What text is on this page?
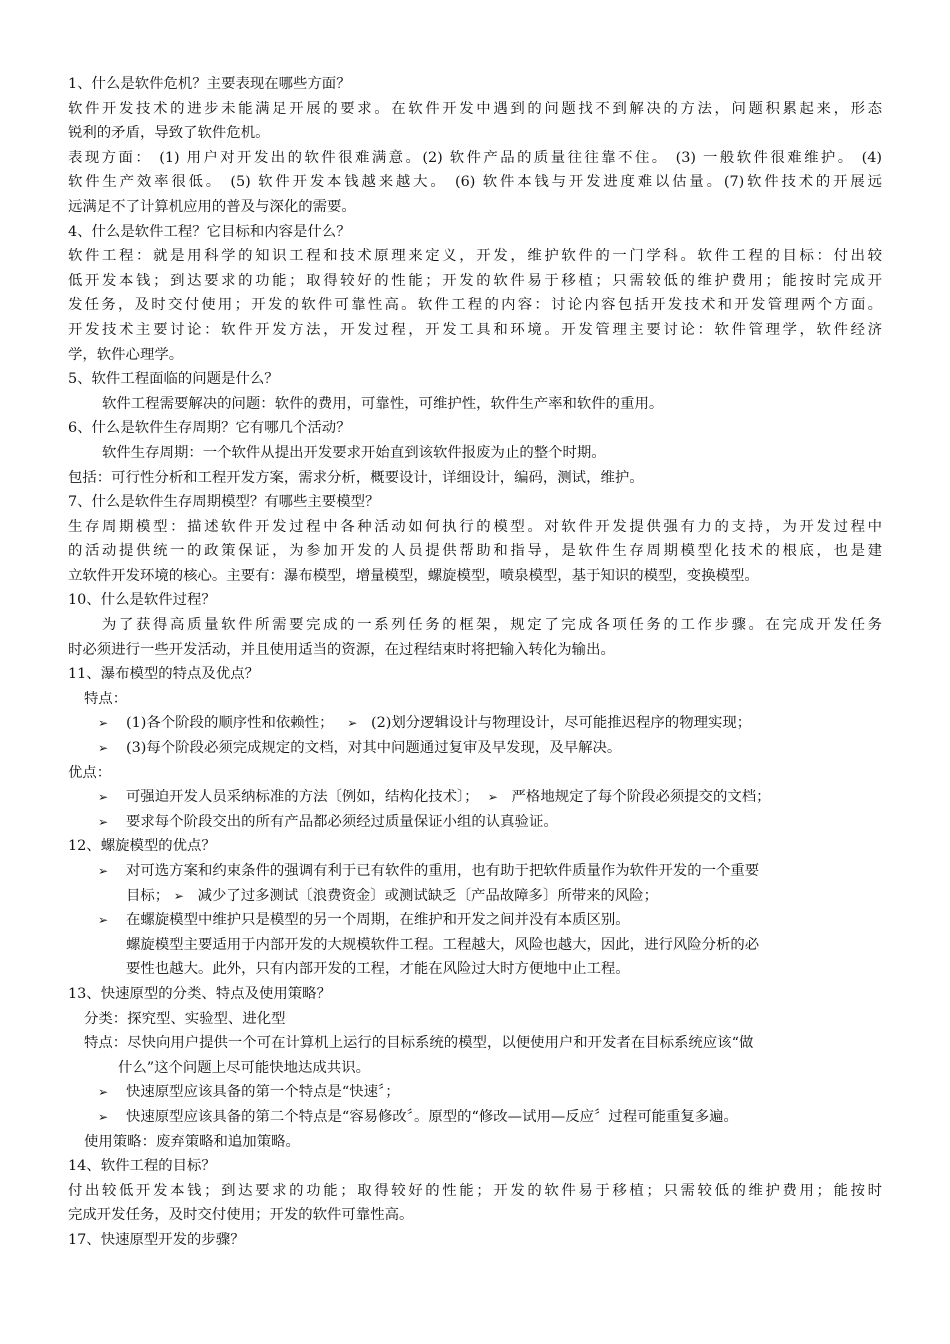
1、什么是软件危机？主要表现在哪些方面？
软件开发技术的进步未能满足开展的要求。在软件开发中遇到的问题找不到解决的方法，问题积累起来，形态
锐利的矛盾，导致了软件危机。
表现方面： (1) 用户对开发出的软件很难满意。(2) 软件产品的质量往往靠不住。 (3) 一般软件很难维护。 (4)
软件生产效率很低。 (5) 软件开发本钱越来越大。 (6) 软件本钱与开发进度难以估量。(7)软件技术的开展远
远满足不了计算机应用的普及与深化的需要。
4、什么是软件工程？它目标和内容是什么？
软件工程：就是用科学的知识工程和技术原理来定义，开发，维护软件的一门学科。软件工程的目标：付出较
低开发本钱；到达要求的功能；取得较好的性能；开发的软件易于移植；只需较低的维护费用；能按时完成开
发任务，及时交付使用；开发的软件可靠性高。软件工程的内容：讨论内容包括开发技术和开发管理两个方面。
开发技术主要讨论：软件开发方法，开发过程，开发工具和环境。开发管理主要讨论：软件管理学，软件经济
学，软件心理学。
5、软件工程面临的问题是什么？
软件工程需要解决的问题：软件的费用，可靠性，可维护性，软件生产率和软件的重用。
6、什么是软件生存周期？它有哪几个活动？
软件生存周期：一个软件从提出开发要求开始直到该软件报废为止的整个时期。
包括：可行性分析和工程开发方案，需求分析，概要设计，详细设计，编码，测试，维护。
7、什么是软件生存周期模型？有哪些主要模型？
生存周期模型：描述软件开发过程中各种活动如何执行的模型。对软件开发提供强有力的支持，为开发过程中
的活动提供统一的政策保证，为参加开发的人员提供帮助和指导，是软件生存周期模型化技术的根底，也是建
立软件开发环境的核心。主要有：瀑布模型，增量模型，螺旋模型，喷泉模型，基于知识的模型，变换模型。
10、什么是软件过程？
为了获得高质量软件所需要完成的一系列任务的框架，规定了完成各项任务的工作步骤。在完成开发任务
时必须进行一些开发活动，并且使用适当的资源，在过程结束时将把输入转化为输出。
11、瀑布模型的特点及优点？
特点：
➢ (1)各个阶段的顺序性和依赖性； ➢ (2)划分逻辑设计与物理设计，尽可能推迟程序的物理实现；
➢ (3)每个阶段必须完成规定的文档，对其中问题通过复审及早发现，及早解决。
优点：
➢ 可强迫开发人员采纳标准的方法〔例如，结构化技术〕； ➢ 严格地规定了每个阶段必须提交的文档；
➢ 要求每个阶段交出的所有产品都必须经过质量保证小组的认真验证。
12、螺旋模型的优点？
➢ 对可选方案和约束条件的强调有利于已有软件的重用，也有助于把软件质量作为软件开发的一个重要
目标； ➢ 减少了过多测试〔浪费资金〕或测试缺乏〔产品故障多〕所带来的风险；
➢ 在螺旋模型中维护只是模型的另一个周期，在维护和开发之间并没有本质区别。
螺旋模型主要适用于内部开发的大规模软件工程。工程越大，风险也越大，因此，进行风险分析的必
要性也越大。此外，只有内部开发的工程，才能在风险过大时方便地中止工程。
13、快速原型的分类、特点及使用策略？
分类：探究型、实验型、进化型
特点：尽快向用户提供一个可在计算机上运行的目标系统的模型，以便使用户和开发者在目标系统应该“做
什么”这个问题上尽可能快地达成共识。
➢ 快速原型应该具备的第一个特点是“快速〞；
➢ 快速原型应该具备的第二个特点是“容易修改〞。原型的“修改—试用—反应〞过程可能重复多遍。
使用策略：废弃策略和追加策略。
14、软件工程的目标？
付出较低开发本钱；到达要求的功能；取得较好的性能；开发的软件易于移植；只需较低的维护费用；能按时
完成开发任务，及时交付使用；开发的软件可靠性高。
17、快速原型开发的步骤？
